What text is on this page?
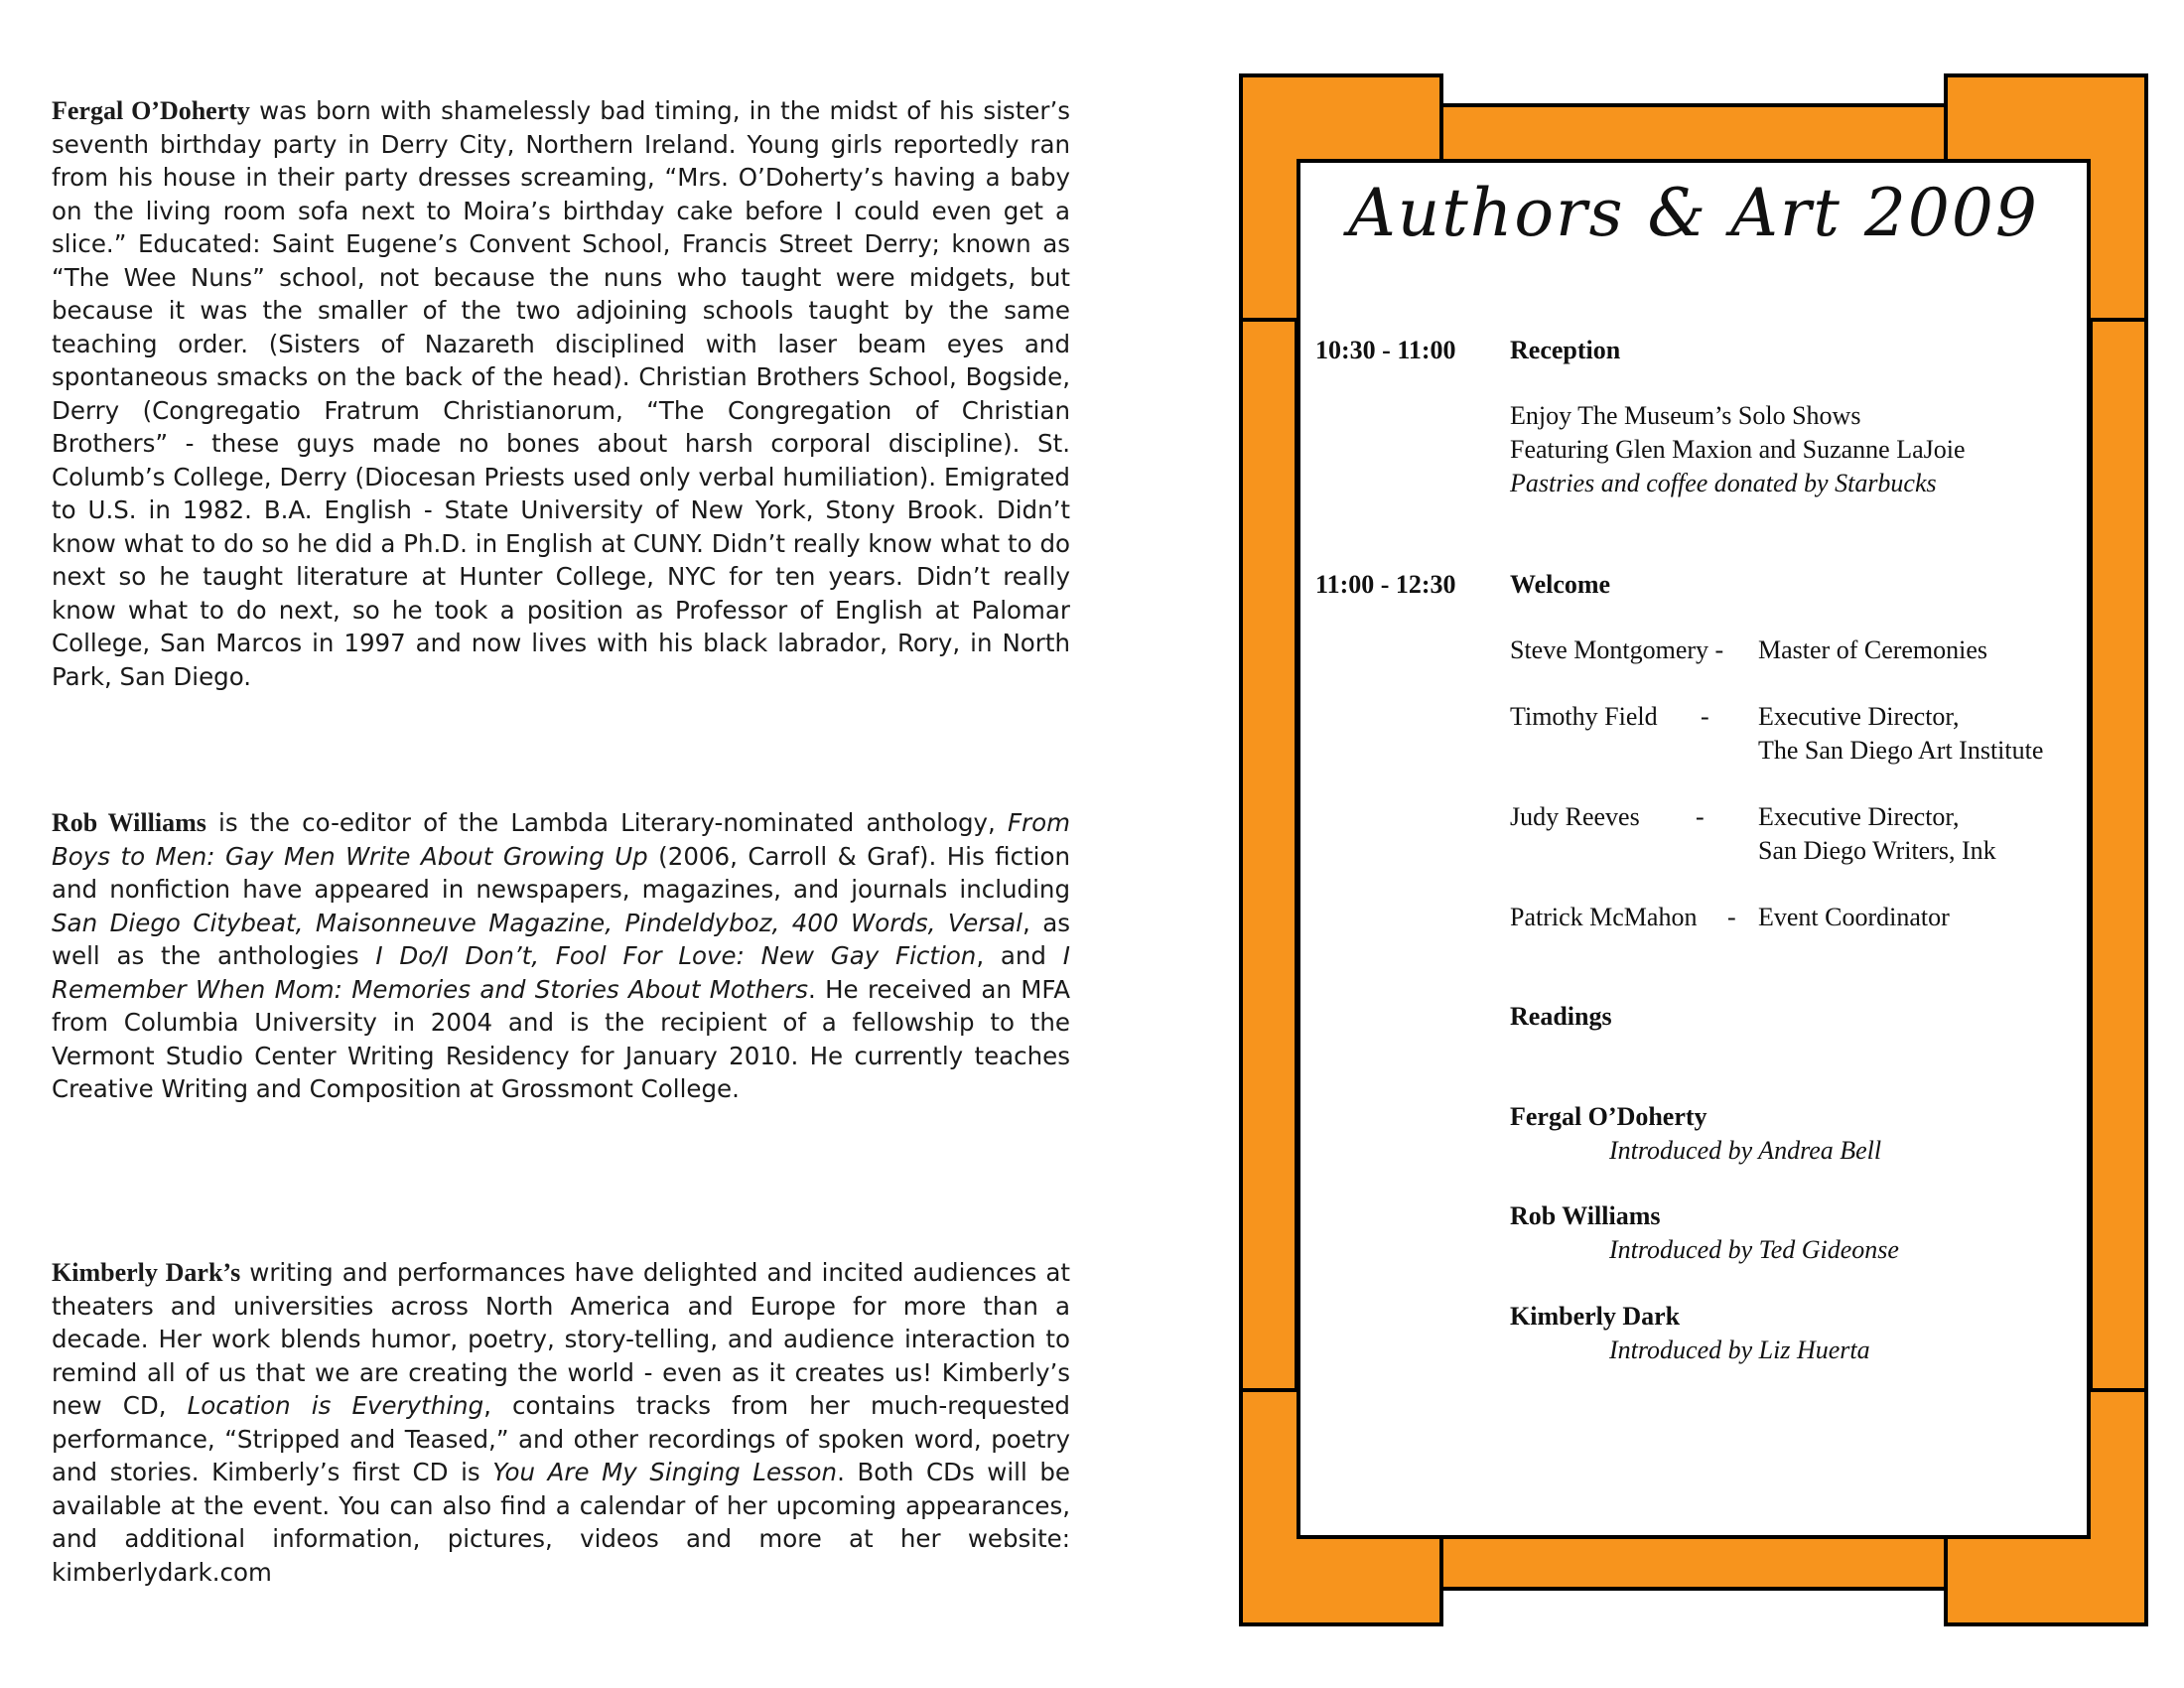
Fergal O’Doherty was born with shamelessly bad timing, in the midst of his sister’s seventh birthday party in Derry City, Northern Ireland. Young girls reportedly ran from his house in their party dresses screaming, “Mrs. O’Doherty’s having a baby on the living room sofa next to Moira’s birthday cake before I could even get a slice.” Educated: Saint Eugene’s Convent School, Francis Street Derry; known as “The Wee Nuns” school, not because the nuns who taught were midgets, but because it was the smaller of the two adjoining schools taught by the same teaching order. (Sisters of Nazareth disciplined with laser beam eyes and spontaneous smacks on the back of the head). Christian Brothers School, Bogside, Derry (Congregatio Fratrum Christianorum, “The Congregation of Christian Brothers” - these guys made no bones about harsh corporal discipline). St. Columb’s College, Derry (Diocesan Priests used only verbal humiliation). Emigrated to U.S. in 1982. B.A. English - State University of New York, Stony Brook. Didn’t know what to do so he did a Ph.D. in English at CUNY. Didn’t really know what to do next so he taught literature at Hunter College, NYC for ten years. Didn’t really know what to do next, so he took a position as Professor of English at Palomar College, San Marcos in 1997 and now lives with his black labrador, Rory, in North Park, San Diego.
Rob Williams is the co-editor of the Lambda Literary-nominated anthology, From Boys to Men: Gay Men Write About Growing Up (2006, Carroll & Graf). His fiction and nonfiction have appeared in newspapers, magazines, and journals including San Diego Citybeat, Maisonneuve Magazine, Pindeldyboz, 400 Words, Versal, as well as the anthologies I Do/I Don’t, Fool For Love: New Gay Fiction, and I Remember When Mom: Memories and Stories About Mothers. He received an MFA from Columbia University in 2004 and is the recipient of a fellowship to the Vermont Studio Center Writing Residency for January 2010. He currently teaches Creative Writing and Composition at Grossmont College.
Kimberly Dark’s writing and performances have delighted and incited audiences at theaters and universities across North America and Europe for more than a decade. Her work blends humor, poetry, story-telling, and audience interaction to remind all of us that we are creating the world - even as it creates us! Kimberly’s new CD, Location is Everything, contains tracks from her much-requested performance, “Stripped and Teased,” and other recordings of spoken word, poetry and stories. Kimberly’s first CD is You Are My Singing Lesson. Both CDs will be available at the event. You can also find a calendar of her upcoming appearances, and additional information, pictures, videos and more at her website: kimberlydark.com
Authors & Art 2009
10:30 - 11:00 Reception
Enjoy The Museum’s Solo Shows
Featuring Glen Maxion and Suzanne LaJoie
Pastries and coffee donated by Starbucks
11:00 - 12:30 Welcome
Steve Montgomery - Master of Ceremonies
Timothy Field - Executive Director,
The San Diego Art Institute
Judy Reeves - Executive Director,
San Diego Writers, Ink
Patrick McMahon - Event Coordinator
Readings
Fergal O’Doherty
Introduced by Andrea Bell
Rob Williams
Introduced by Ted Gideonse
Kimberly Dark
Introduced by Liz Huerta
